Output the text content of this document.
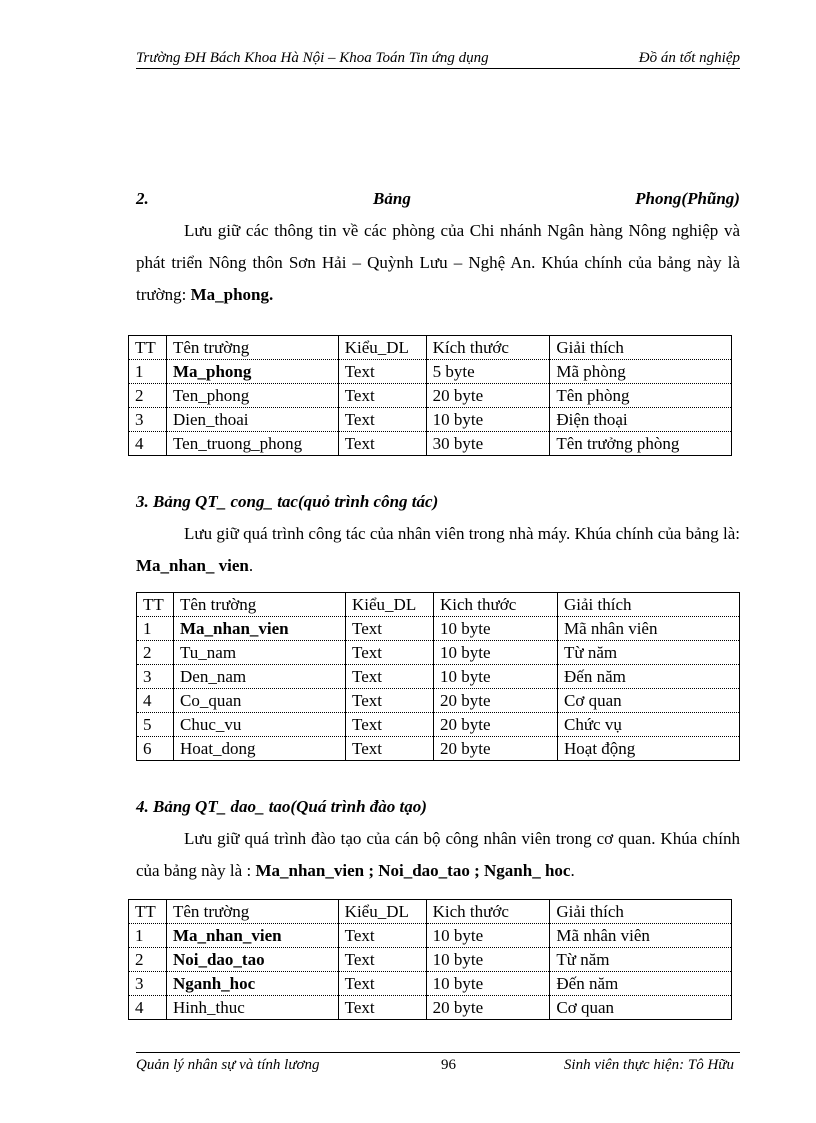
Trường ĐH Bách Khoa Hà Nội – Khoa Toán Tin ứng dụng	Đồ án tốt nghiệp
2.	Bảng	Phong(Phũng)
Lưu giữ các thông tin về các phòng của Chi nhánh Ngân hàng Nông nghiệp và phát triển Nông thôn Sơn Hải – Quỳnh Lưu – Nghệ An. Khúa chính của bảng này là trường: Ma_phong.
TT	Tên trường	Kiểu_DL	Kích thước	Giải thích
1	Ma_phong	Text	5 byte	Mã phòng
2	Ten_phong	Text	20 byte	Tên phòng
3	Dien_thoai	Text	10 byte	Điện thoại
4	Ten_truong_phong	Text	30 byte	Tên trưởng phòng
3. Bảng QT_ cong_ tac(quỏ trình công tác)
Lưu giữ quá trình công tác của nhân viên trong nhà máy. Khúa chính của bảng là: Ma_nhan_ vien.
TT	Tên trường	Kiểu_DL	Kich thước	Giải thích
1	Ma_nhan_vien	Text	10 byte	Mã nhân viên
2	Tu_nam	Text	10 byte	Từ năm
3	Den_nam	Text	10 byte	Đến năm
4	Co_quan	Text	20 byte	Cơ quan
5	Chuc_vu	Text	20 byte	Chức vụ
6	Hoat_dong	Text	20 byte	Hoạt động
4. Bảng QT_ dao_ tao(Quá trình đào tạo)
Lưu giữ quá trình đào tạo của cán bộ công nhân viên trong cơ quan. Khúa chính của bảng này là : Ma_nhan_vien ; Noi_dao_tao ; Nganh_ hoc.
TT	Tên trường	Kiểu_DL	Kich thước	Giải thích
1	Ma_nhan_vien	Text	10 byte	Mã nhân viên
2	Noi_dao_tao	Text	10 byte	Từ năm
3	Nganh_hoc	Text	10 byte	Đến năm
4	Hinh_thuc	Text	20 byte	Cơ quan
Quản lý nhân sự và tính lương	96	Sinh viên thực hiện: Tô Hữu
